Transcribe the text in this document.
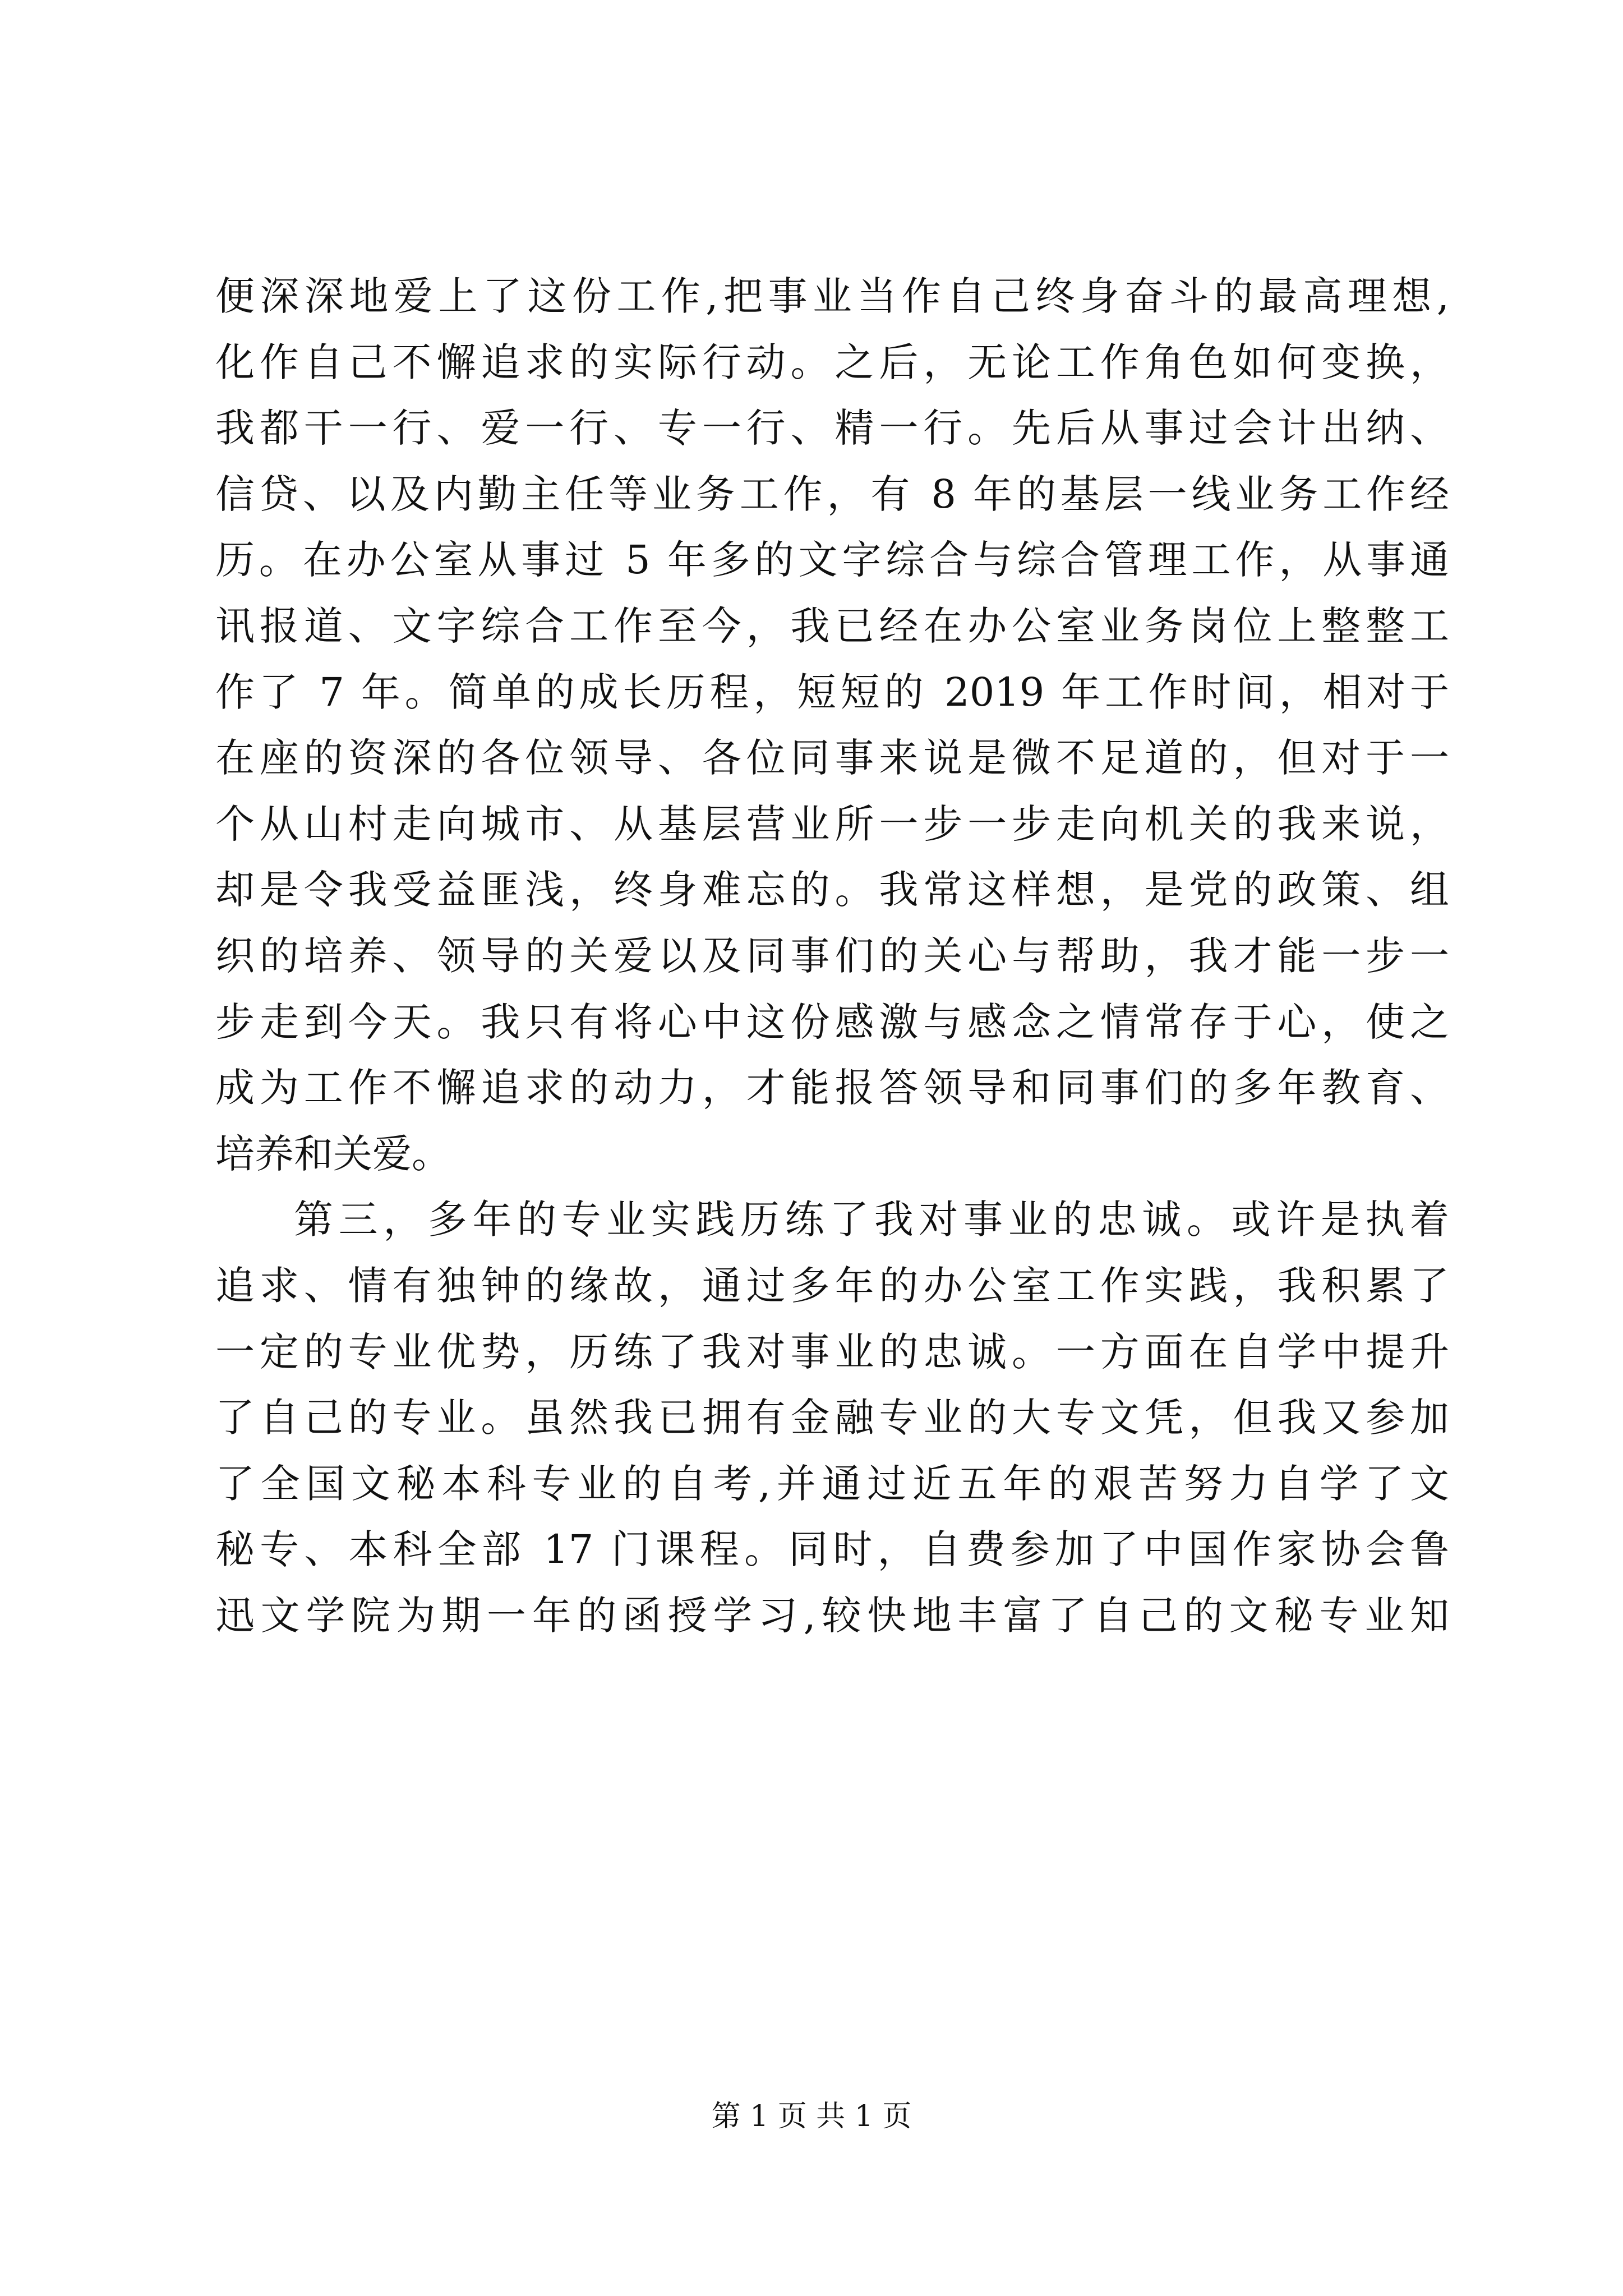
便深深地爱上了这份工作,把事业当作自己终身奋斗的最高理想,
化作自己不懈追求的实际行动。之后，无论工作角色如何变换，
我都干一行、爱一行、专一行、精一行。先后从事过会计出纳、
信贷、以及内勤主任等业务工作，有 8 年的基层一线业务工作经
历。在办公室从事过 5 年多的文字综合与综合管理工作，从事通
讯报道、文字综合工作至今，我已经在办公室业务岗位上整整工
作了 7 年。简单的成长历程，短短的 2019 年工作时间，相对于
在座的资深的各位领导、各位同事来说是微不足道的，但对于一
个从山村走向城市、从基层营业所一步一步走向机关的我来说，
却是令我受益匪浅，终身难忘的。我常这样想，是党的政策、组
织的培养、领导的关爱以及同事们的关心与帮助，我才能一步一
步走到今天。我只有将心中这份感激与感念之情常存于心，使之
成为工作不懈追求的动力，才能报答领导和同事们的多年教育、
培养和关爱。
第三，多年的专业实践历练了我对事业的忠诚。或许是执着
追求、情有独钟的缘故，通过多年的办公室工作实践，我积累了
一定的专业优势，历练了我对事业的忠诚。一方面在自学中提升
了自己的专业。虽然我已拥有金融专业的大专文凭，但我又参加
了全国文秘本科专业的自考,并通过近五年的艰苦努力自学了文
秘专、本科全部 17 门课程。同时，自费参加了中国作家协会鲁
迅文学院为期一年的函授学习,较快地丰富了自己的文秘专业知
第 1 页 共 1 页
